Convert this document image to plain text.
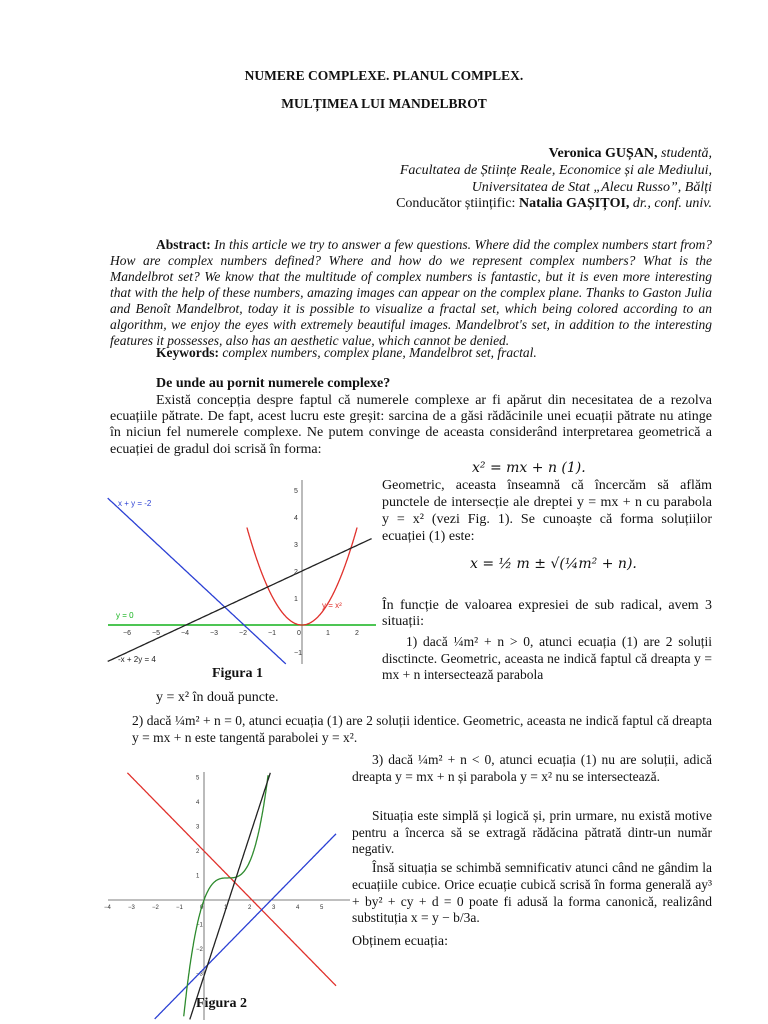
NUMERE COMPLEXE. PLANUL COMPLEX.
MULȚIMEA LUI MANDELBROT
Veronica GUȘAN, studentă,
Facultatea de Științe Reale, Economice și ale Mediului,
Universitatea de Stat „Alecu Russo”, Bălți
Conducător științific: Natalia GAȘIȚOI, dr., conf. univ.
Abstract: In this article we try to answer a few questions. Where did the complex numbers start from? How are complex numbers defined? Where and how do we represent complex numbers? What is the Mandelbrot set? We know that the multitude of complex numbers is fantastic, but it is even more interesting that with the help of these numbers, amazing images can appear on the complex plane. Thanks to Gaston Julia and Benoît Mandelbrot, today it is possible to visualize a fractal set, which being colored according to an algorithm, we enjoy the eyes with extremely beautiful images. Mandelbrot's set, in addition to the interesting features it possesses, also has an aesthetic value, which cannot be denied.
Keywords: complex numbers, complex plane, Mandelbrot set, fractal.
De unde au pornit numerele complexe?
Există concepția despre faptul că numerele complexe ar fi apărut din necesitatea de a rezolva ecuațiile pătrate. De fapt, acest lucru este greșit: sarcina de a găsi rădăcinile unei ecuații pătrate nu atinge în niciun fel numerele complexe. Ne putem convinge de aceasta considerând interpretarea geometrică a ecuației de gradul doi scrisă în forma:
x² = mx + n (1).
−6	−5	−4	−3	−2	−1	0	1	2
5
4
3
2
1
−1
x + y = -2
y = x²
y = 0
-x + 2y = 4
Figura 1
Geometric, aceasta înseamnă că încercăm să aflăm punctele de intersecție ale dreptei y = mx + n cu parabola y = x² (vezi Fig. 1). Se cunoaște că forma soluțiilor ecuației (1) este:
x = ½ m ± √(¼m² + n).
În funcție de valoarea expresiei de sub radical, avem 3 situații:
1) dacă ¼m² + n > 0, atunci ecuația (1) are 2 soluții disctincte. Geometric, aceasta ne indică faptul că dreapta y = mx + n intersectează parabola
y = x² în două puncte.
2) dacă ¼m² + n = 0, atunci ecuația (1) are 2 soluții identice. Geometric, aceasta ne indică faptul că dreapta y = mx + n este tangentă parabolei y = x².
−4	−3	−2	−1	0	1	2	3	4	5
5
4
3
2
1
−1
−2
−3
Figura 2
3) dacă ¼m² + n < 0, atunci ecuația (1) nu are soluții, adică dreapta y = mx + n și parabola y = x² nu se intersectează.
Situația este simplă și logică și, prin urmare, nu există motive pentru a încerca să se extragă rădăcina pătrată dintr-un număr negativ.
Însă situația se schimbă semnificativ atunci când ne gândim la ecuațiile cubice. Orice ecuație cubică scrisă în forma generală ay³ + by² + cy + d = 0 poate fi adusă la forma canonică, realizând substituția x = y − b/3a.
Obținem ecuația:
